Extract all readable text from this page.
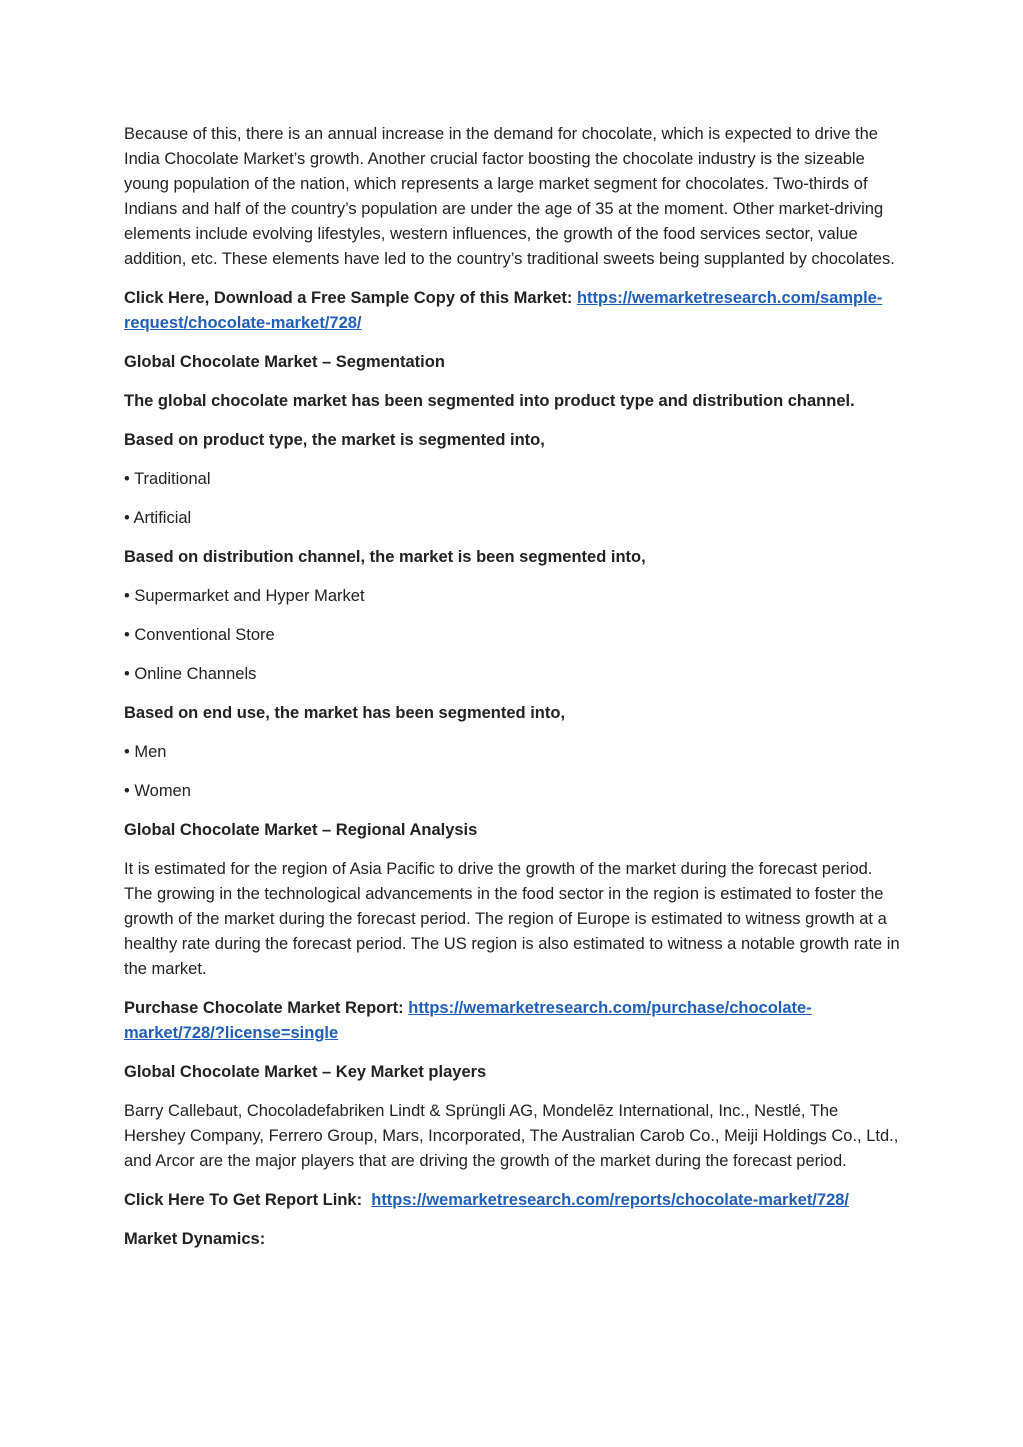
Because of this, there is an annual increase in the demand for chocolate, which is expected to drive the India Chocolate Market’s growth. Another crucial factor boosting the chocolate industry is the sizeable young population of the nation, which represents a large market segment for chocolates. Two-thirds of Indians and half of the country’s population are under the age of 35 at the moment. Other market-driving elements include evolving lifestyles, western influences, the growth of the food services sector, value addition, etc. These elements have led to the country’s traditional sweets being supplanted by chocolates.

Click Here, Download a Free Sample Copy of this Market: https://wemarketresearch.com/sample-request/chocolate-market/728/

Global Chocolate Market – Segmentation

The global chocolate market has been segmented into product type and distribution channel.

Based on product type, the market is segmented into,

• Traditional

• Artificial

Based on distribution channel, the market is been segmented into,

• Supermarket and Hyper Market

• Conventional Store

• Online Channels

Based on end use, the market has been segmented into,

• Men

• Women

Global Chocolate Market – Regional Analysis

It is estimated for the region of Asia Pacific to drive the growth of the market during the forecast period. The growing in the technological advancements in the food sector in the region is estimated to foster the growth of the market during the forecast period. The region of Europe is estimated to witness growth at a healthy rate during the forecast period. The US region is also estimated to witness a notable growth rate in the market.

Purchase Chocolate Market Report: https://wemarketresearch.com/purchase/chocolate-market/728/?license=single

Global Chocolate Market – Key Market players

Barry Callebaut, Chocoladefabriken Lindt & Sprüngli AG, Mondelēz International, Inc., Nestlé, The Hershey Company, Ferrero Group, Mars, Incorporated, The Australian Carob Co., Meiji Holdings Co., Ltd., and Arcor are the major players that are driving the growth of the market during the forecast period.

Click Here To Get Report Link:  https://wemarketresearch.com/reports/chocolate-market/728/

Market Dynamics:
